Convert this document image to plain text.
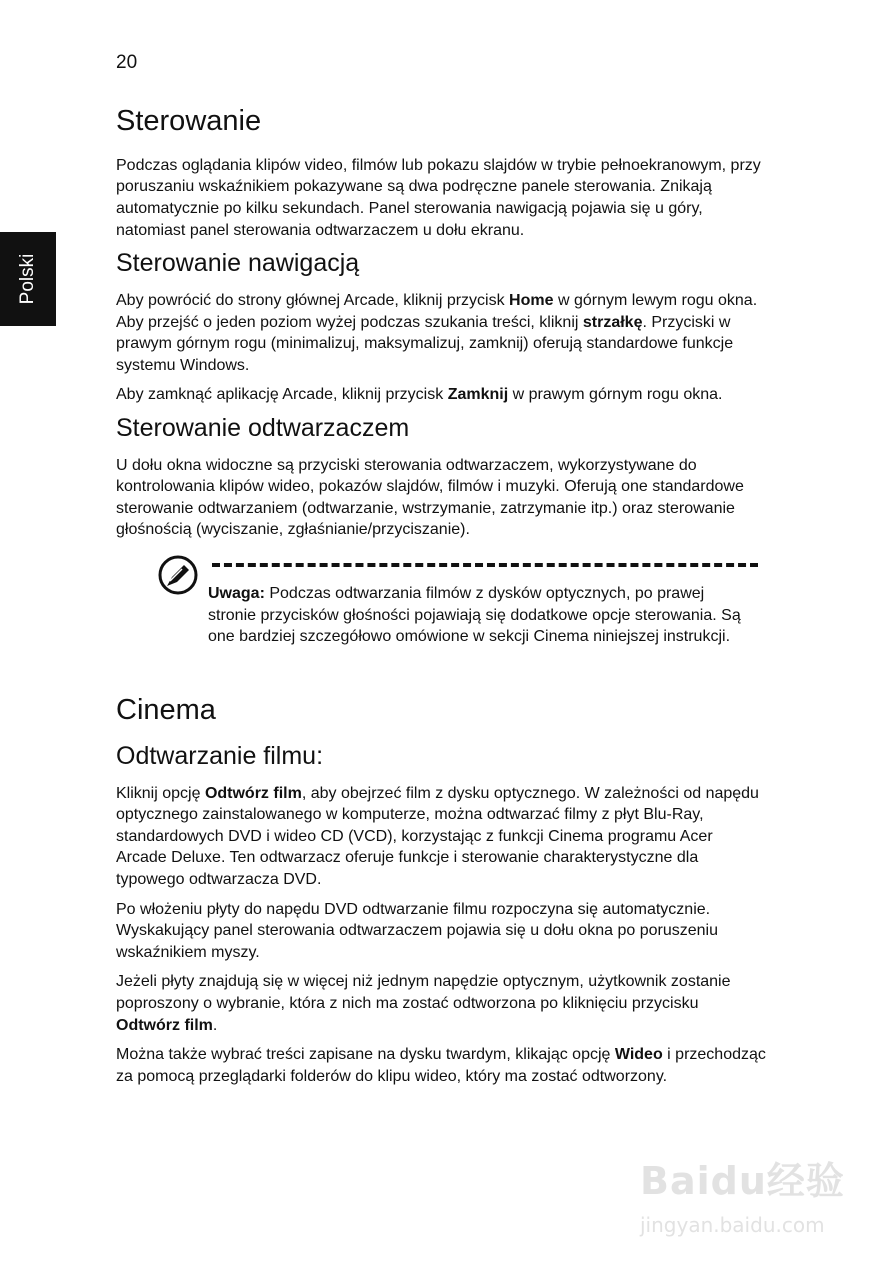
20
Polski
Sterowanie

Podczas oglądania klipów video, filmów lub pokazu slajdów w trybie pełnoekranowym, przy poruszaniu wskaźnikiem pokazywane są dwa podręczne panele sterowania. Znikają automatycznie po kilku sekundach. Panel sterowania nawigacją pojawia się u góry, natomiast panel sterowania odtwarzaczem u dołu ekranu.

Sterowanie nawigacją

Aby powrócić do strony głównej Arcade, kliknij przycisk Home w górnym lewym rogu okna. Aby przejść o jeden poziom wyżej podczas szukania treści, kliknij strzałkę. Przyciski w prawym górnym rogu (minimalizuj, maksymalizuj, zamknij) oferują standardowe funkcje systemu Windows.

Aby zamknąć aplikację Arcade, kliknij przycisk Zamknij w prawym górnym rogu okna.

Sterowanie odtwarzaczem

U dołu okna widoczne są przyciski sterowania odtwarzaczem, wykorzystywane do kontrolowania klipów wideo, pokazów slajdów, filmów i muzyki. Oferują one standardowe sterowanie odtwarzaniem (odtwarzanie, wstrzymanie, zatrzymanie itp.) oraz sterowanie głośnością (wyciszanie, zgłaśnianie/przyciszanie).

Uwaga: Podczas odtwarzania filmów z dysków optycznych, po prawej stronie przycisków głośności pojawiają się dodatkowe opcje sterowania. Są one bardziej szczegółowo omówione w sekcji Cinema niniejszej instrukcji.

Cinema
Odtwarzanie filmu:

Kliknij opcję Odtwórz film, aby obejrzeć film z dysku optycznego. W zależności od napędu optycznego zainstalowanego w komputerze, można odtwarzać filmy z płyt Blu-Ray, standardowych DVD i wideo CD (VCD), korzystając z funkcji Cinema programu Acer Arcade Deluxe. Ten odtwarzacz oferuje funkcje i sterowanie charakterystyczne dla typowego odtwarzacza DVD.

Po włożeniu płyty do napędu DVD odtwarzanie filmu rozpoczyna się automatycznie. Wyskakujący panel sterowania odtwarzaczem pojawia się u dołu okna po poruszeniu wskaźnikiem myszy.

Jeżeli płyty znajdują się w więcej niż jednym napędzie optycznym, użytkownik zostanie poproszony o wybranie, która z nich ma zostać odtworzona po kliknięciu przycisku Odtwórz film.

Można także wybrać treści zapisane na dysku twardym, klikając opcję Wideo i przechodząc za pomocą przeglądarki folderów do klipu wideo, który ma zostać odtworzony.

Baidu经验
jingyan.baidu.com
